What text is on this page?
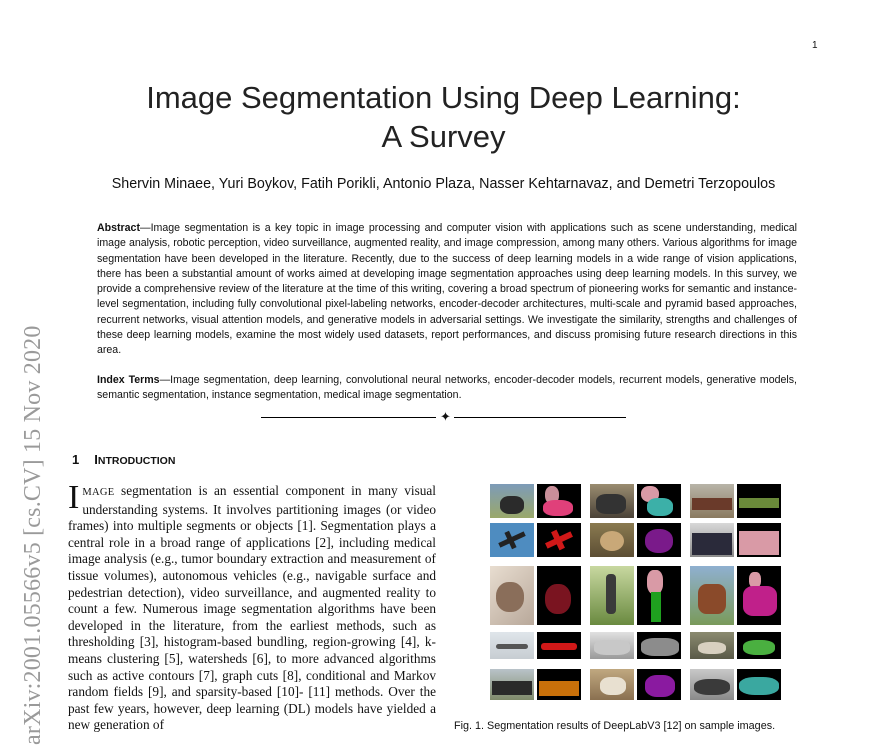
1
Image Segmentation Using Deep Learning:
A Survey
Shervin Minaee, Yuri Boykov, Fatih Porikli, Antonio Plaza, Nasser Kehtarnavaz, and Demetri Terzopoulos
Abstract—Image segmentation is a key topic in image processing and computer vision with applications such as scene understanding, medical image analysis, robotic perception, video surveillance, augmented reality, and image compression, among many others. Various algorithms for image segmentation have been developed in the literature. Recently, due to the success of deep learning models in a wide range of vision applications, there has been a substantial amount of works aimed at developing image segmentation approaches using deep learning models. In this survey, we provide a comprehensive review of the literature at the time of this writing, covering a broad spectrum of pioneering works for semantic and instance-level segmentation, including fully convolutional pixel-labeling networks, encoder-decoder architectures, multi-scale and pyramid based approaches, recurrent networks, visual attention models, and generative models in adversarial settings. We investigate the similarity, strengths and challenges of these deep learning models, examine the most widely used datasets, report performances, and discuss promising future research directions in this area.
Index Terms—Image segmentation, deep learning, convolutional neural networks, encoder-decoder models, recurrent models, generative models, semantic segmentation, instance segmentation, medical image segmentation.
✦
arXiv:2001.05566v5 [cs.CV] 15 Nov 2020 1 INTRODUCTION
IMAGE segmentation is an essential component in many visual understanding systems. It involves partitioning images (or video frames) into multiple segments or objects [1]. Segmentation plays a central role in a broad range of applications [2], including medical image analysis (e.g., tumor boundary extraction and measurement of tissue volumes), autonomous vehicles (e.g., navigable surface and pedestrian detection), video surveillance, and augmented reality to count a few. Numerous image segmentation algorithms have been developed in the literature, from the earliest methods, such as thresholding [3], histogram-based bundling, region-growing [4], k-means clustering [5], watersheds [6], to more advanced algorithms such as active contours [7], graph cuts [8], conditional and Markov random fields [9], and sparsity-based [10]- [11] methods. Over the past few years, however, deep learning (DL) models have yielded a new generation of	Fig. 1. Segmentation results of DeepLabV3 [12] on sample images.
